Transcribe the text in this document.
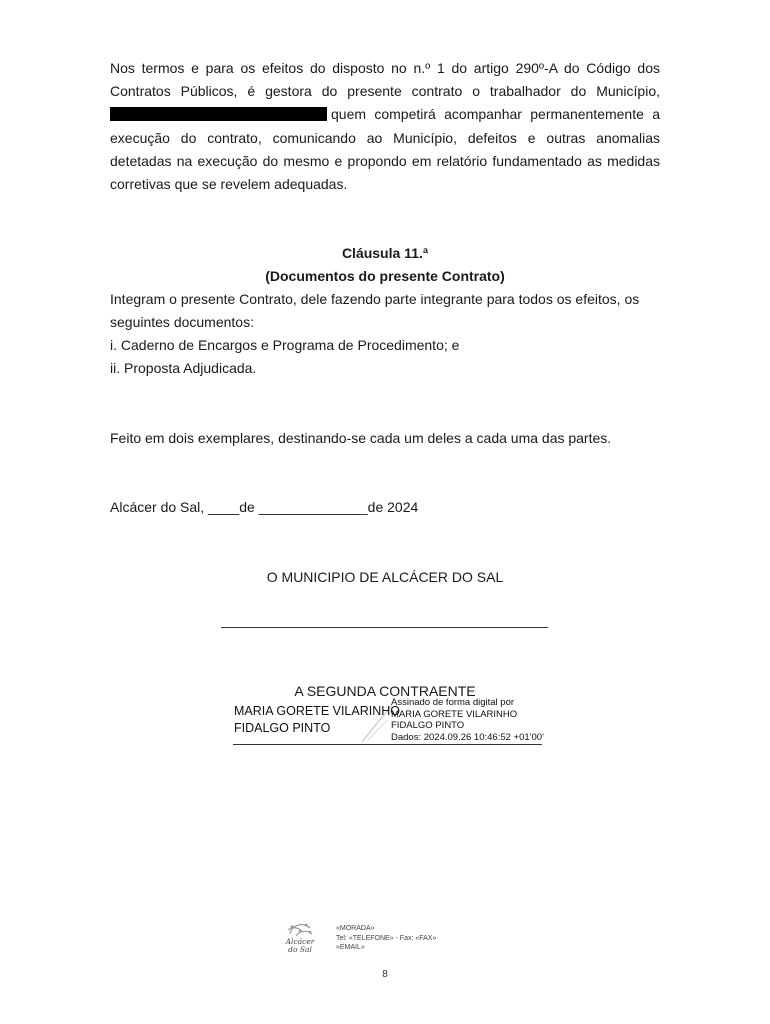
Nos termos e para os efeitos do disposto no n.º 1 do artigo 290º-A do Código dos Contratos Públicos, é gestora do presente contrato o trabalhador do Município, quem competirá acompanhar permanentemente a execução do contrato, comunicando ao Município, defeitos e outras anomalias detetadas na execução do mesmo e propondo em relatório fundamentado as medidas corretivas que se revelem adequadas.
Cláusula 11.ª
(Documentos do presente Contrato)
Integram o presente Contrato, dele fazendo parte integrante para todos os efeitos, os
seguintes documentos:
i. Caderno de Encargos e Programa de Procedimento; e
ii. Proposta Adjudicada.
Feito em dois exemplares, destinando-se cada um deles a cada uma das partes.
Alcácer do Sal, ____de ______________de 2024
O MUNICIPIO DE ALCÁCER DO SAL
A SEGUNDA CONTRAENTE
MARIA GORETE VILARINHO
FIDALGO PINTO
Assinado de forma digital por
MARIA GORETE VILARINHO
FIDALGO PINTO
Dados: 2024.09.26 10:46:52 +01'00'
Alcácer
do Sal
«MORADA»
Tel: «TELEFONE» - Fax: «FAX»
«EMAIL»
8
